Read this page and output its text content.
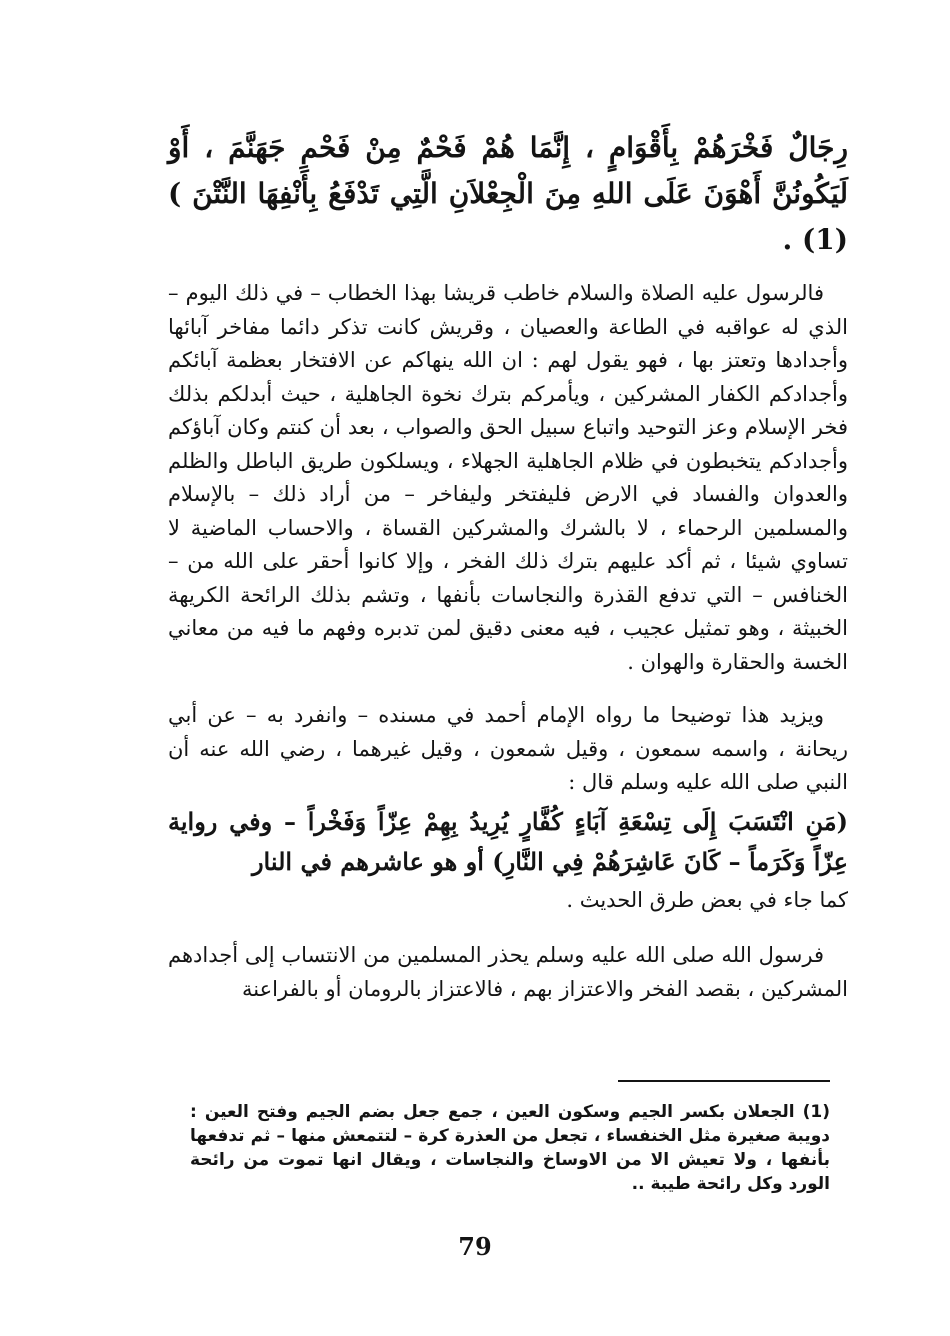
رِجَالٌ فَخْرَهُمْ بِأَقْوَامٍ ، إِنَّمَا هُمْ فَحْمٌ مِنْ فَحْمِ جَهَنَّمَ ، أَوْ لَيَكُونُنَّ أَهْوَنَ عَلَى اللهِ مِنَ الْجِعْلاَنِ الَّتِي تَدْفَعُ بِأَنْفِهَا النَّتْنَ )(1) .

فالرسول عليه الصلاة والسلام خاطب قريشا بهذا الخطاب – في ذلك اليوم – الذي له عواقبه في الطاعة والعصيان ، وقريش كانت تذكر دائما مفاخر آبائها وأجدادها وتعتز بها ، فهو يقول لهم : ان الله ينهاكم عن الافتخار بعظمة آبائكم وأجدادكم الكفار المشركين ، ويأمركم بترك نخوة الجاهلية ، حيث أبدلكم بذلك فخر الإسلام وعز التوحيد واتباع سبيل الحق والصواب ، بعد أن كنتم وكان آباؤكم وأجدادكم يتخبطون في ظلام الجاهلية الجهلاء ، ويسلكون طريق الباطل والظلم والعدوان والفساد في الارض فليفتخر وليفاخر – من أراد ذلك – بالإسلام والمسلمين الرحماء ، لا بالشرك والمشركين القساة ، والاحساب الماضية لا تساوي شيئا ، ثم أكد عليهم بترك ذلك الفخر ، وإلا كانوا أحقر على الله من – الخنافس – التي تدفع القذرة والنجاسات بأنفها ، وتشم بذلك الرائحة الكريهة الخبيثة ، وهو تمثيل عجيب ، فيه معنى دقيق لمن تدبره وفهم ما فيه من معاني الخسة والحقارة والهوان .

ويزيد هذا توضيحا ما رواه الإمام أحمد في مسنده – وانفرد به – عن أبي ريحانة ، واسمه سمعون ، وقيل شمعون ، وقيل غيرهما ، رضي الله عنه أن النبي صلى الله عليه وسلم قال :

(مَنِ انْتَسَبَ إِلَى تِسْعَةِ آبَاءٍ كُفَّارٍ يُرِيدُ بِهِمْ عِزّاً وَفَخْراً – وفي رواية عِزّاً وَكَرَماً – كَانَ عَاشِرَهُمْ فِي النَّارِ) أو هو عاشرهم في النار

كما جاء في بعض طرق الحديث .

فرسول الله صلى الله عليه وسلم يحذر المسلمين من الانتساب إلى أجدادهم المشركين ، بقصد الفخر والاعتزاز بهم ، فالاعتزاز بالرومان أو بالفراعنة

(1)الجعلان بكسر الجيم وسكون العين ، جمع جعل بضم الجيم وفتح العين : دويبة صغيرة مثل الخنفساء ، تجعل من العذرة كرة – لتتمعش منها – ثم تدفعها بأنفها ، ولا تعيش الا من الاوساخ والنجاسات ، ويقال انها تموت من رائحة الورد وكل رائحة طيبة ..
79
